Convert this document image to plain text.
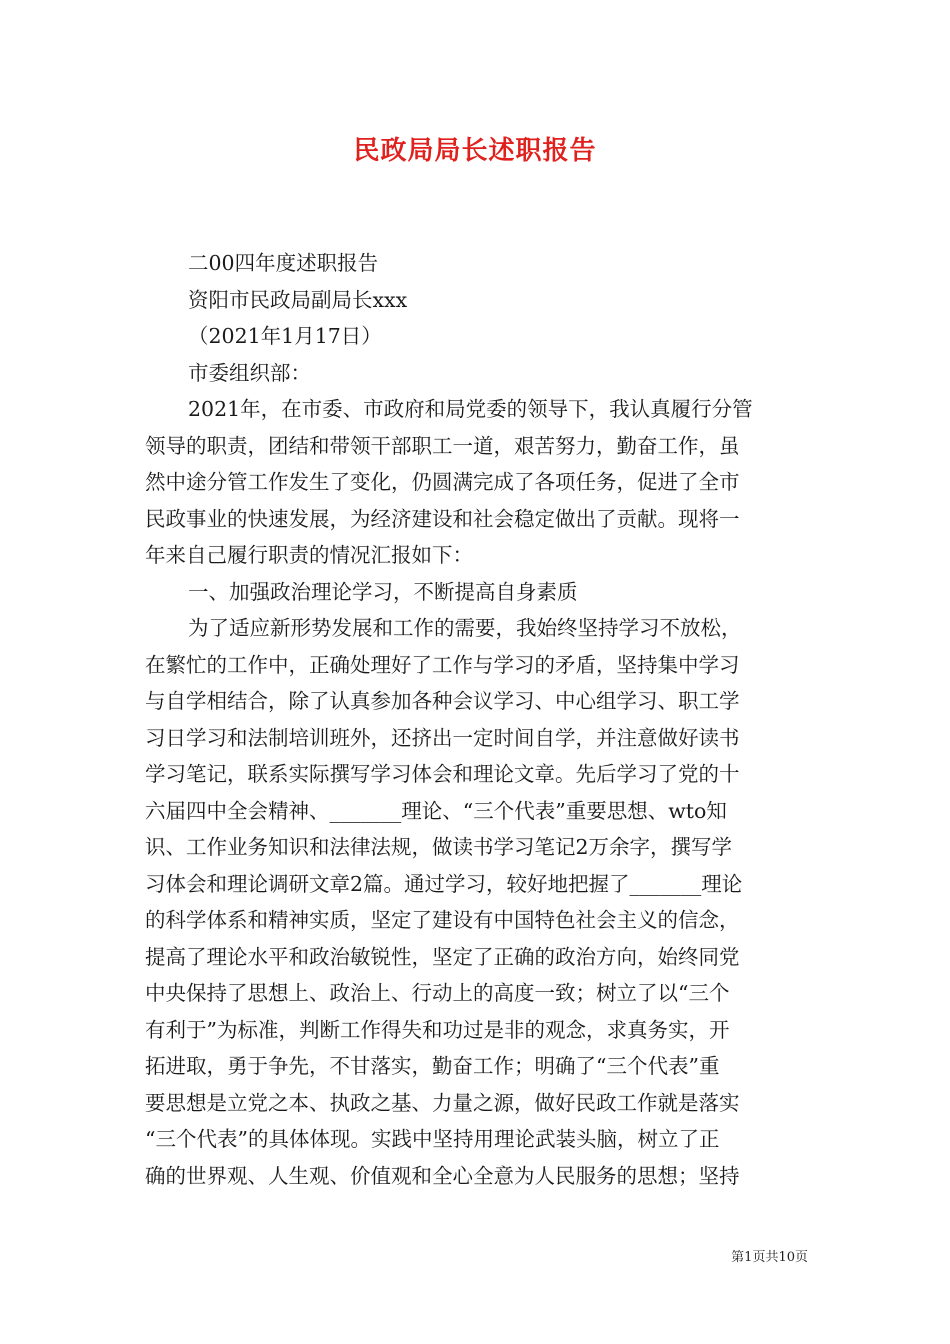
民政局局长述职报告

二00四年度述职报告

资阳市民政局副局长xxx

（2021年1月17日）

市委组织部：

2021年，在市委、市政府和局党委的领导下，我认真履行分管

领导的职责，团结和带领干部职工一道，艰苦努力，勤奋工作，虽

然中途分管工作发生了变化，仍圆满完成了各项任务，促进了全市

民政事业的快速发展，为经济建设和社会稳定做出了贡献。现将一

年来自己履行职责的情况汇报如下：

一、加强政治理论学习，不断提高自身素质

为了适应新形势发展和工作的需要，我始终坚持学习不放松，

在繁忙的工作中，正确处理好了工作与学习的矛盾，坚持集中学习

与自学相结合，除了认真参加各种会议学习、中心组学习、职工学

习日学习和法制培训班外，还挤出一定时间自学，并注意做好读书

学习笔记，联系实际撰写学习体会和理论文章。先后学习了党的十

六届四中全会精神、_______理论、“三个代表”重要思想、wto知

识、工作业务知识和法律法规，做读书学习笔记2万余字，撰写学

习体会和理论调研文章2篇。通过学习，较好地把握了_______理论

的科学体系和精神实质，坚定了建设有中国特色社会主义的信念，

提高了理论水平和政治敏锐性，坚定了正确的政治方向，始终同党

中央保持了思想上、政治上、行动上的高度一致；树立了以“三个

有利于”为标准，判断工作得失和功过是非的观念，求真务实，开

拓进取，勇于争先，不甘落实，勤奋工作；明确了“三个代表”重

要思想是立党之本、执政之基、力量之源，做好民政工作就是落实

“三个代表”的具体体现。实践中坚持用理论武装头脑，树立了正

确的世界观、人生观、价值观和全心全意为人民服务的思想；坚持

第1页共10页
